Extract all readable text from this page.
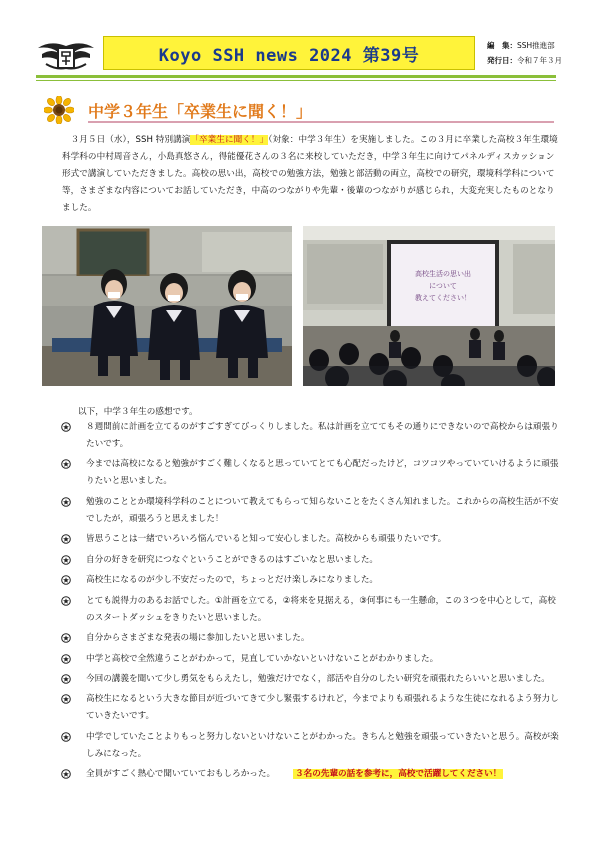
Koyo SSH news 2024 第39号	編　集：SSH推進部
発行日：令和７年３月
中学３年生「卒業生に聞く！」

　３月５日（水），SSH 特別講演「卒業生に聞く！」（対象：中学３年生）を実施しました。この３月に卒業した高校３年生環境科学科の中村周音さん，小島真悠さん，得能優花さんの３名に来校していただき，中学３年生に向けてパネルディスカッション形式で講演していただきました。高校の思い出，高校での勉強方法，勉強と部活動の両立，高校での研究，環境科学科について等，さまざまな内容についてお話していただき，中高のつながりや先輩・後輩のつながりが感じられ，大変充実したものとなりました。

高校生活の思い出
について
教えてください！
以下，中学３年生の感想です。
８週間前に計画を立てるのがすごすぎてびっくりしました。私は計画を立ててもその通りにできないので高校からは頑張りたいです。
今までは高校になると勉強がすごく難しくなると思っていてとても心配だったけど，コツコツやっていていけるように頑張りたいと思いました。
勉強のこととか環境科学科のことについて教えてもらって知らないことをたくさん知れました。これからの高校生活が不安でしたが，頑張ろうと思えました！
皆思うことは一緒でいろいろ悩んでいると知って安心しました。高校からも頑張りたいです。
自分の好きを研究につなぐということができるのはすごいなと思いました。
高校生になるのが少し不安だったので，ちょっとだけ楽しみになりました。
とても説得力のあるお話でした。①計画を立てる，②将来を見据える，③何事にも一生懸命，この３つを中心として，高校のスタートダッシュをきりたいと思いました。
自分からさまざまな発表の場に参加したいと思いました。
中学と高校で全然違うことがわかって，見直していかないといけないことがわかりました。
今回の講義を聞いて少し勇気をもらえたし，勉強だけでなく，部活や自分のしたい研究を頑張れたらいいと思いました。
高校生になるという大きな節目が近づいてきて少し緊張するけれど，今までよりも頑張れるような生徒になれるよう努力していきたいです。
中学でしていたことよりもっと努力しないといけないことがわかった。きちんと勉強を頑張っていきたいと思う。高校が楽しみになった。
全員がすごく熱心で聞いていておもしろかった。 ３名の先輩の話を参考に，高校で活躍してください！
